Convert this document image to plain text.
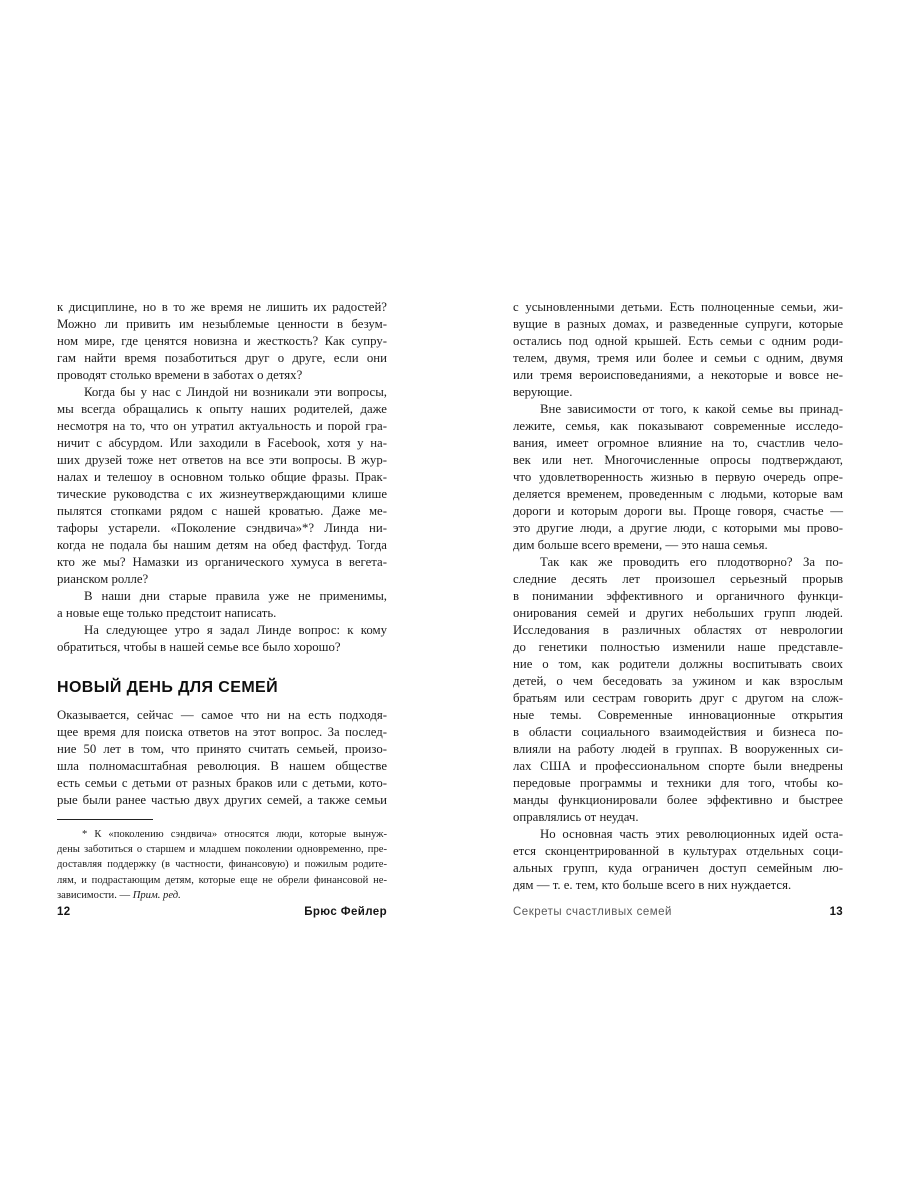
к дисциплине, но в то же время не лишить их радостей?
Можно ли привить им незыблемые ценности в безум-
ном мире, где ценятся новизна и жесткость? Как супру-
гам найти время позаботиться друг о друге, если они
проводят столько времени в заботах о детях?
Когда бы у нас с Линдой ни возникали эти вопросы,
мы всегда обращались к опыту наших родителей, даже
несмотря на то, что он утратил актуальность и порой гра-
ничит с абсурдом. Или заходили в Facebook, хотя у на-
ших друзей тоже нет ответов на все эти вопросы. В жур-
налах и телешоу в основном только общие фразы. Прак-
тические руководства с их жизнеутверждающими клише
пылятся стопками рядом с нашей кроватью. Даже ме-
тафоры устарели. «Поколение сэндвича»*? Линда ни-
когда не подала бы нашим детям на обед фастфуд. Тогда
кто же мы? Намазки из органического хумуса в вегета-
рианском ролле?
В наши дни старые правила уже не применимы,
а новые еще только предстоит написать.
На следующее утро я задал Линде вопрос: к кому
обратиться, чтобы в нашей семье все было хорошо?
НОВЫЙ ДЕНЬ ДЛЯ СЕМЕЙ
Оказывается, сейчас — самое что ни на есть подходя-
щее время для поиска ответов на этот вопрос. За послед-
ние 50 лет в том, что принято считать семьей, произо-
шла полномасштабная революция. В нашем обществе
есть семьи с детьми от разных браков или с детьми, кото-
рые были ранее частью двух других семей, а также семьи
* К «поколению сэндвича» относятся люди, которые вынуж-
дены заботиться о старшем и младшем поколении одновременно, пре-
доставляя поддержку (в частности, финансовую) и пожилым родите-
лям, и подрастающим детям, которые еще не обрели финансовой не-
зависимости. — Прим. ред.
с усыновленными детьми. Есть полноценные семьи, жи-
вущие в разных домах, и разведенные супруги, которые
остались под одной крышей. Есть семьи с одним роди-
телем, двумя, тремя или более и семьи с одним, двумя
или тремя вероисповеданиями, а некоторые и вовсе не-
верующие.
Вне зависимости от того, к какой семье вы принад-
лежите, семья, как показывают современные исследо-
вания, имеет огромное влияние на то, счастлив чело-
век или нет. Многочисленные опросы подтверждают,
что удовлетворенность жизнью в первую очередь опре-
деляется временем, проведенным с людьми, которые вам
дороги и которым дороги вы. Проще говоря, счастье —
это другие люди, а другие люди, с которыми мы прово-
дим больше всего времени, — это наша семья.
Так как же проводить его плодотворно? За по-
следние десять лет произошел серьезный прорыв
в понимании эффективного и органичного функци-
онирования семей и других небольших групп людей.
Исследования в различных областях от неврологии
до генетики полностью изменили наше представле-
ние о том, как родители должны воспитывать своих
детей, о чем беседовать за ужином и как взрослым
братьям или сестрам говорить друг с другом на слож-
ные темы. Современные инновационные открытия
в области социального взаимодействия и бизнеса по-
влияли на работу людей в группах. В вооруженных си-
лах США и профессиональном спорте были внедрены
передовые программы и техники для того, чтобы ко-
манды функционировали более эффективно и быстрее
оправлялись от неудач.
Но основная часть этих революционных идей оста-
ется сконцентрированной в культурах отдельных соци-
альных групп, куда ограничен доступ семейным лю-
дям — т. е. тем, кто больше всего в них нуждается.
12	Брюс Фейлер	Секреты счастливых семей	13
